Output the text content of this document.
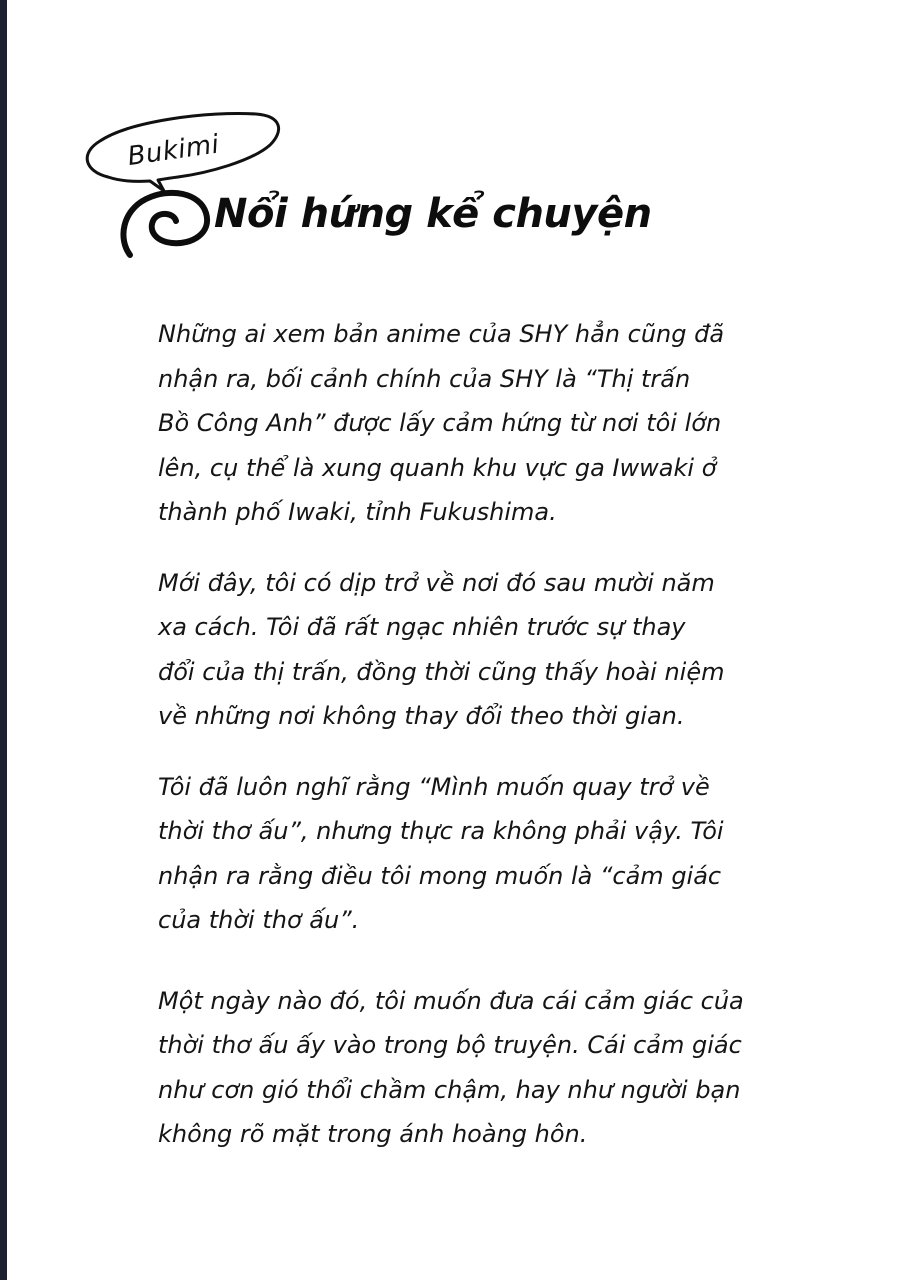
Bukimi
Nổi hứng kể chuyện

Những ai xem bản anime của SHY hẳn cũng đã
nhận ra, bối cảnh chính của SHY là “Thị trấn
Bồ Công Anh” được lấy cảm hứng từ nơi tôi lớn
lên, cụ thể là xung quanh khu vực ga Iwwaki ở
thành phố Iwaki, tỉnh Fukushima.

Mới đây, tôi có dịp trở về nơi đó sau mười năm
xa cách. Tôi đã rất ngạc nhiên trước sự thay
đổi của thị trấn, đồng thời cũng thấy hoài niệm
về những nơi không thay đổi theo thời gian.

Tôi đã luôn nghĩ rằng “Mình muốn quay trở về
thời thơ ấu”, nhưng thực ra không phải vậy. Tôi
nhận ra rằng điều tôi mong muốn là “cảm giác
của thời thơ ấu”.

Một ngày nào đó, tôi muốn đưa cái cảm giác của
thời thơ ấu ấy vào trong bộ truyện. Cái cảm giác
như cơn gió thổi chầm chậm, hay như người bạn
không rõ mặt trong ánh hoàng hôn.
